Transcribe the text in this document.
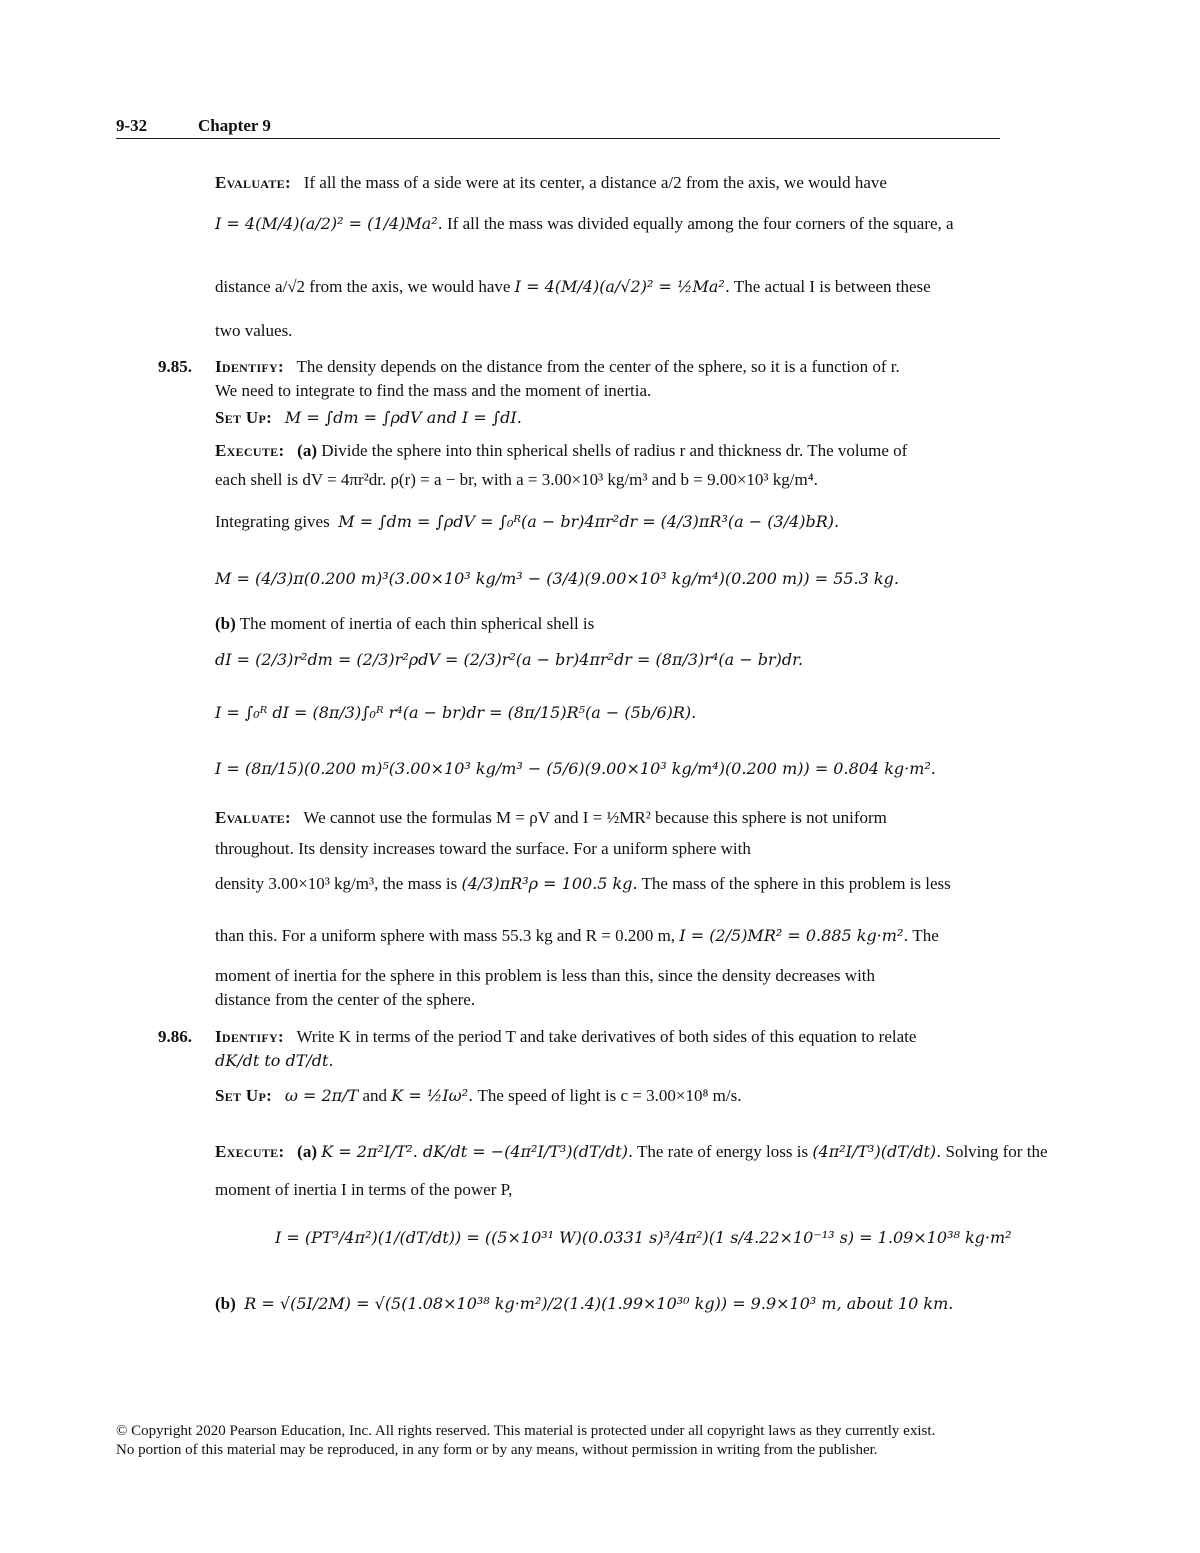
9-32	Chapter 9
Evaluate: If all the mass of a side were at its center, a distance a/2 from the axis, we would have
I = 4(M/4)(a/2)² = (1/4)Ma². If all the mass was divided equally among the four corners of the square, a
distance a/√2 from the axis, we would have I = 4(M/4)(a/√2)² = ½Ma². The actual I is between these
two values.
9.85. Identify: The density depends on the distance from the center of the sphere, so it is a function of r.
We need to integrate to find the mass and the moment of inertia.
Set Up: M = ∫dm = ∫ρdV and I = ∫dI.
Execute: (a) Divide the sphere into thin spherical shells of radius r and thickness dr. The volume of
each shell is dV = 4πr²dr. ρ(r) = a − br, with a = 3.00×10³ kg/m³ and b = 9.00×10³ kg/m⁴.
Integrating gives M = ∫dm = ∫ρdV = ∫₀ᴿ(a − br)4πr²dr = (4/3)πR³(a − (3/4)bR).
M = (4/3)π(0.200 m)³(3.00×10³ kg/m³ − (3/4)(9.00×10³ kg/m⁴)(0.200 m)) = 55.3 kg.
(b) The moment of inertia of each thin spherical shell is
dI = (2/3)r²dm = (2/3)r²ρdV = (2/3)r²(a − br)4πr²dr = (8π/3)r⁴(a − br)dr.
I = ∫₀ᴿ dI = (8π/3)∫₀ᴿ r⁴(a − br)dr = (8π/15)R⁵(a − (5b/6)R).
I = (8π/15)(0.200 m)⁵(3.00×10³ kg/m³ − (5/6)(9.00×10³ kg/m⁴)(0.200 m)) = 0.804 kg·m².
Evaluate: We cannot use the formulas M = ρV and I = ½MR² because this sphere is not uniform
throughout. Its density increases toward the surface. For a uniform sphere with
density 3.00×10³ kg/m³, the mass is (4/3)πR³ρ = 100.5 kg. The mass of the sphere in this problem is less
than this. For a uniform sphere with mass 55.3 kg and R = 0.200 m, I = (2/5)MR² = 0.885 kg·m². The
moment of inertia for the sphere in this problem is less than this, since the density decreases with
distance from the center of the sphere.
9.86. Identify: Write K in terms of the period T and take derivatives of both sides of this equation to relate
dK/dt to dT/dt.
Set Up: ω = 2π/T and K = ½Iω². The speed of light is c = 3.00×10⁸ m/s.
Execute: (a) K = 2π²I/T². dK/dt = −(4π²I/T³)(dT/dt). The rate of energy loss is (4π²I/T³)(dT/dt). Solving for the
moment of inertia I in terms of the power P,
I = (PT³/4π²)(1/(dT/dt)) = ((5×10³¹ W)(0.0331 s)³/4π²)(1 s/4.22×10⁻¹³ s) = 1.09×10³⁸ kg·m²
(b) R = √(5I/2M) = √(5(1.08×10³⁸ kg·m²)/2(1.4)(1.99×10³⁰ kg)) = 9.9×10³ m, about 10 km.
© Copyright 2020 Pearson Education, Inc. All rights reserved. This material is protected under all copyright laws as they currently exist.
No portion of this material may be reproduced, in any form or by any means, without permission in writing from the publisher.
